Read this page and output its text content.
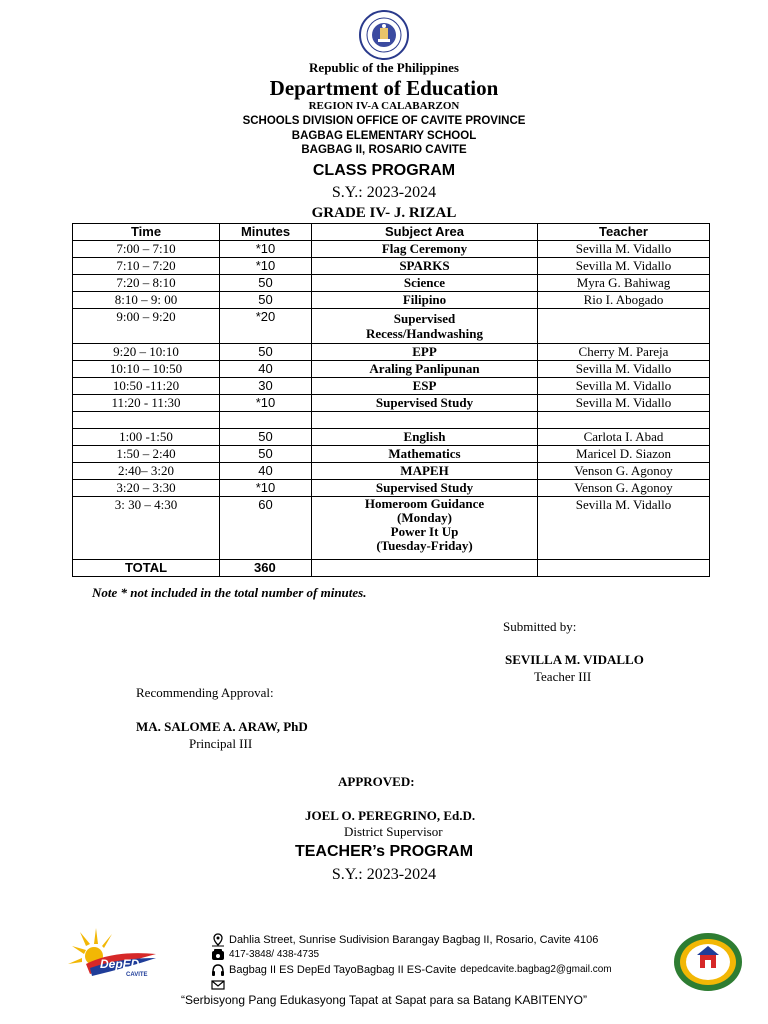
Republic of the Philippines
Department of Education
REGION IV-A CALABARZON
SCHOOLS DIVISION OFFICE OF CAVITE PROVINCE
BAGBAG ELEMENTARY SCHOOL
BAGBAG II, ROSARIO CAVITE
CLASS PROGRAM
S.Y.: 2023-2024
GRADE IV- J. RIZAL
Time	Minutes	Subject Area	Teacher
7:00 – 7:10	*10	Flag Ceremony	Sevilla M. Vidallo
7:10 – 7:20	*10	SPARKS	Sevilla M. Vidallo
7:20 – 8:10	50	Science	Myra G. Bahiwag
8:10 – 9: 00	50	Filipino	Rio I. Abogado
9:00 – 9:20	*20	Supervised
Recess/Handwashing	

9:20 – 10:10	50	EPP	Cherry M. Pareja
10:10 – 10:50	40	Araling Panlipunan	Sevilla M. Vidallo
10:50 -11:20	30	ESP	Sevilla M. Vidallo
11:20 - 11:30	*10	Supervised Study	Sevilla M. Vidallo

1:00 -1:50	50	English	Carlota I. Abad
1:50 – 2:40	50	Mathematics	Maricel D. Siazon
2:40– 3:20	40	MAPEH	Venson G. Agonoy
3:20 – 3:30	*10	Supervised Study	Venson G. Agonoy
3: 30 – 4:30	60	Homeroom Guidance
(Monday)
Power It Up
(Tuesday-Friday)	Sevilla M. Vidallo
TOTAL	360		
Note * not included in the total number of minutes.
Submitted by:
SEVILLA M. VIDALLO
Teacher III
Recommending Approval:
MA. SALOME A. ARAW, PhD
Principal III
APPROVED:
JOEL O. PEREGRINO, Ed.D.
District Supervisor
TEACHER’s PROGRAM
S.Y.: 2023-2024
DepED
CAVITE
Dahlia Street, Sunrise Sudivision Barangay Bagbag II, Rosario, Cavite 4106
417-3848/ 438-4735
Bagbag II ES DepEd TayoBagbag II ES-Cavite depedcavite.bagbag2@gmail.com
“Serbisyong Pang Edukasyong Tapat at Sapat para sa Batang KABITENYO”
